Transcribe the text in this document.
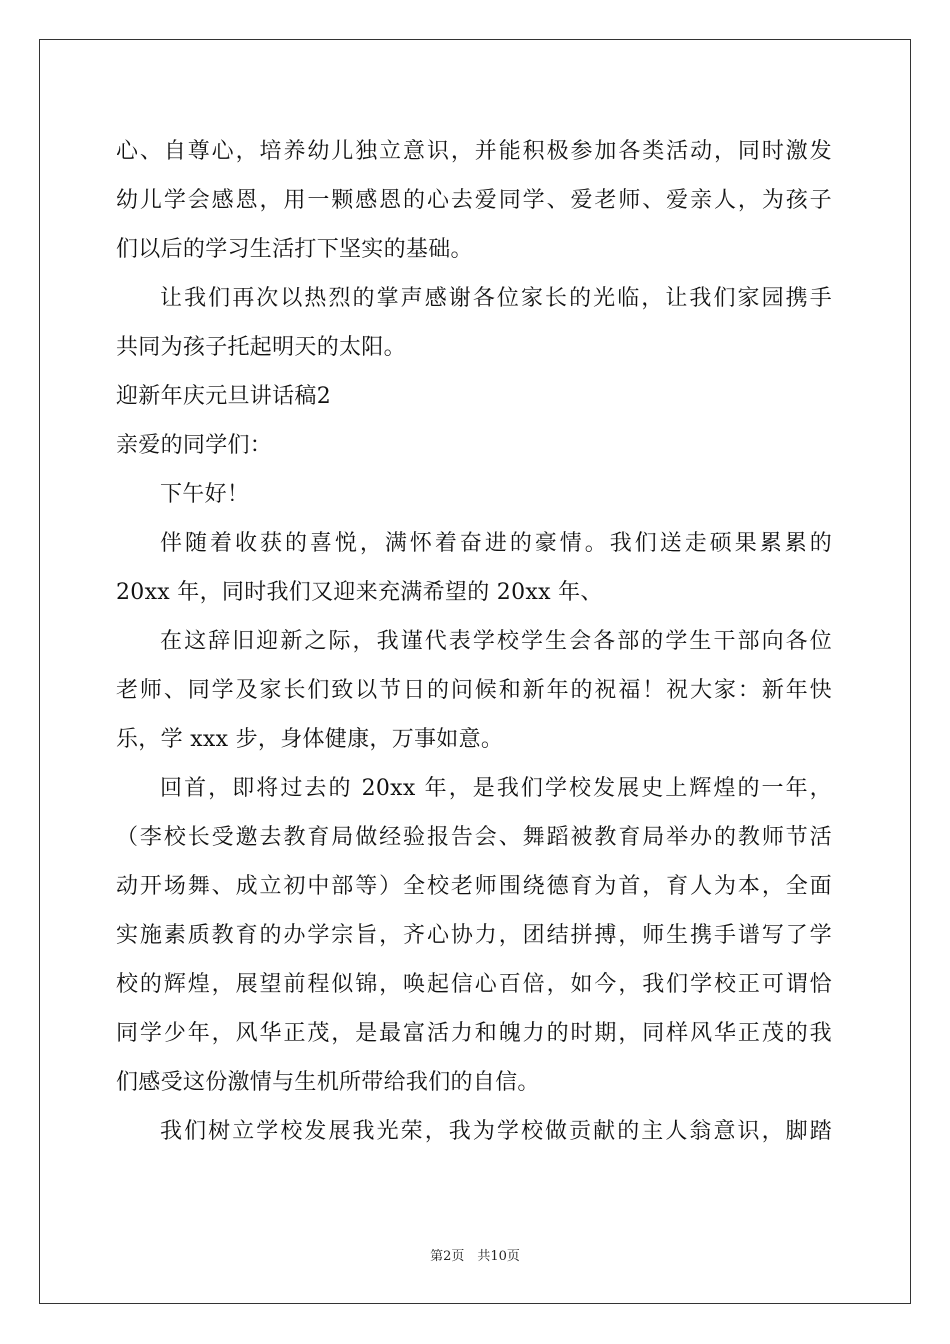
心、自尊心，培养幼儿独立意识，并能积极参加各类活动，同时激发
幼儿学会感恩，用一颗感恩的心去爱同学、爱老师、爱亲人，为孩子
们以后的学习生活打下坚实的基础。
让我们再次以热烈的掌声感谢各位家长的光临，让我们家园携手
共同为孩子托起明天的太阳。
迎新年庆元旦讲话稿2
亲爱的同学们：
下午好！
伴随着收获的喜悦，满怀着奋进的豪情。我们送走硕果累累的
20xx 年，同时我们又迎来充满希望的 20xx 年、
在这辞旧迎新之际，我谨代表学校学生会各部的学生干部向各位
老师、同学及家长们致以节日的问候和新年的祝福！祝大家：新年快
乐，学 xxx 步，身体健康，万事如意。
回首，即将过去的 20xx 年，是我们学校发展史上辉煌的一年，
（李校长受邀去教育局做经验报告会、舞蹈被教育局举办的教师节活
动开场舞、成立初中部等）全校老师围绕德育为首，育人为本，全面
实施素质教育的办学宗旨，齐心协力，团结拼搏，师生携手谱写了学
校的辉煌，展望前程似锦，唤起信心百倍，如今，我们学校正可谓恰
同学少年，风华正茂，是最富活力和魄力的时期，同样风华正茂的我
们感受这份激情与生机所带给我们的自信。
我们树立学校发展我光荣，我为学校做贡献的主人翁意识，脚踏
第2页　共10页
